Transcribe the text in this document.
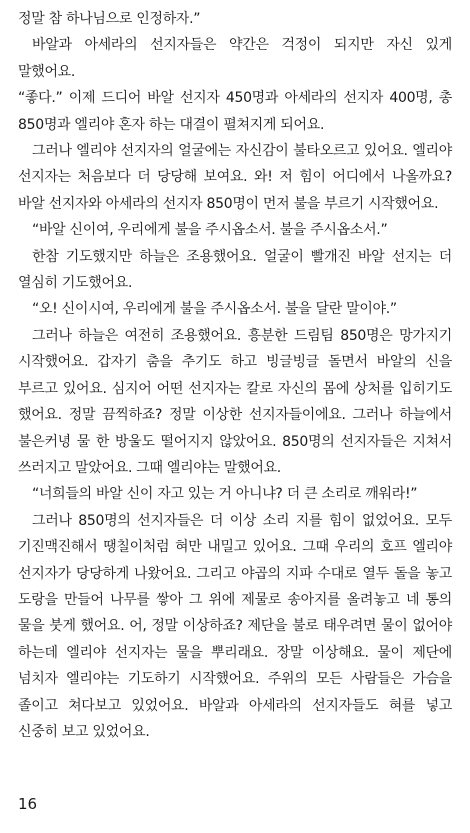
정말 참 하나님으로 인정하자.”

바알과 아세라의 선지자들은 약간은 걱정이 되지만 자신 있게 말했어요.

“좋다.” 이제 드디어 바알 선지자 450명과 아세라의 선지자 400명, 총 850명과 엘리야 혼자 하는 대결이 펼쳐지게 되어요.

그러나 엘리야 선지자의 얼굴에는 자신감이 불타오르고 있어요. 엘리야 선지자는 처음보다 더 당당해 보여요. 와! 저 힘이 어디에서 나올까요? 바알 선지자와 아세라의 선지자 850명이 먼저 불을 부르기 시작했어요.

“바알 신이여, 우리에게 불을 주시옵소서. 불을 주시옵소서.”

한참 기도했지만 하늘은 조용했어요. 얼굴이 빨개진 바알 선지는 더 열심히 기도했어요.

“오! 신이시여, 우리에게 불을 주시옵소서. 불을 달란 말이야.”

그러나 하늘은 여전히 조용했어요. 흥분한 드림팀 850명은 망가지기 시작했어요. 갑자기 춤을 추기도 하고 빙글빙글 돌면서 바알의 신을 부르고 있어요. 심지어 어떤 선지자는 칼로 자신의 몸에 상처를 입히기도 했어요. 정말 끔찍하죠? 정말 이상한 선지자들이에요. 그러나 하늘에서 불은커녕 물 한 방울도 떨어지지 않았어요. 850명의 선지자들은 지쳐서 쓰러지고 말았어요. 그때 엘리야는 말했어요.

“너희들의 바알 신이 자고 있는 거 아니냐? 더 큰 소리로 깨워라!”

그러나 850명의 선지자들은 더 이상 소리 지를 힘이 없었어요. 모두 기진맥진해서 땡칠이처럼 혀만 내밀고 있어요. 그때 우리의 호프 엘리야 선지자가 당당하게 나왔어요. 그리고 야곱의 지파 수대로 열두 돌을 놓고 도랑을 만들어 나무를 쌓아 그 위에 제물로 송아지를 올려놓고 네 통의 물을 붓게 했어요. 어, 정말 이상하죠? 제단을 불로 태우려면 물이 없어야 하는데 엘리야 선지자는 물을 뿌리래요. 장말 이상해요. 물이 제단에 넘치자 엘리야는 기도하기 시작했어요. 주위의 모든 사람들은 가슴을 졸이고 쳐다보고 있었어요. 바알과 아세라의 선지자들도 혀를 넣고 신중히 보고 있었어요.

16
